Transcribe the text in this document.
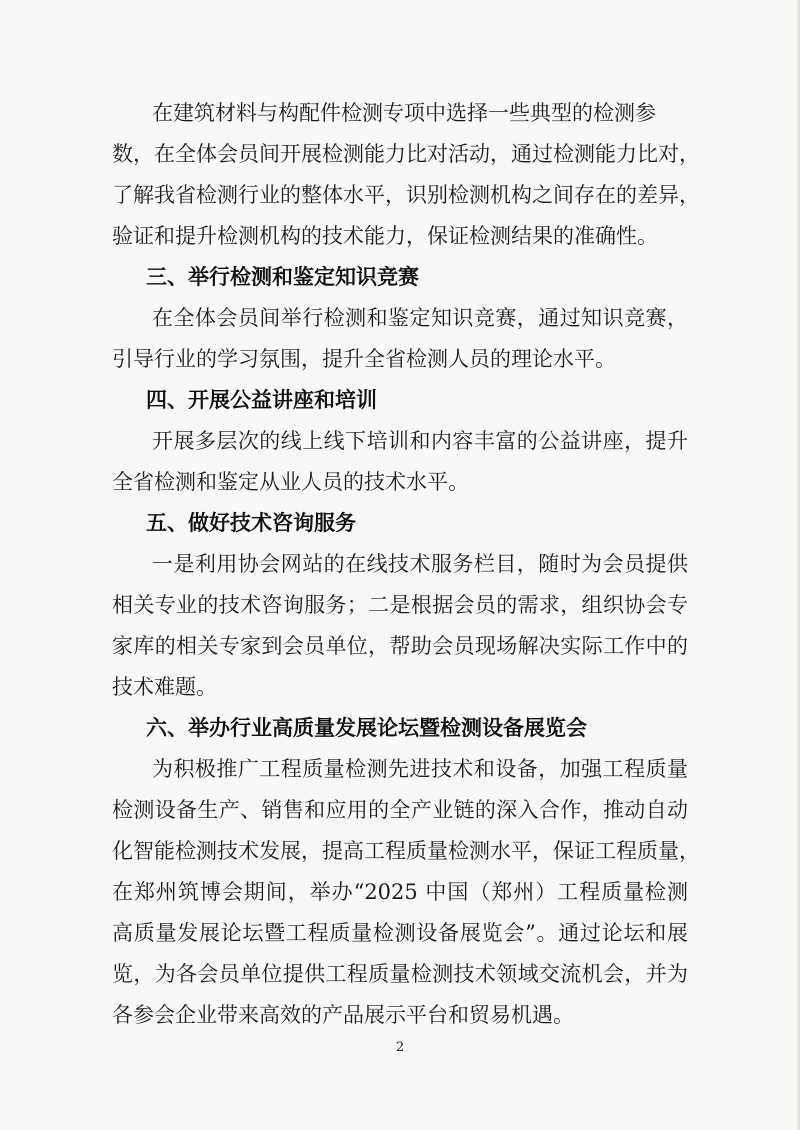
在建筑材料与构配件检测专项中选择一些典型的检测参
数，在全体会员间开展检测能力比对活动，通过检测能力比对，
了解我省检测行业的整体水平，识别检测机构之间存在的差异，
验证和提升检测机构的技术能力，保证检测结果的准确性。
三、举行检测和鉴定知识竞赛
在全体会员间举行检测和鉴定知识竞赛，通过知识竞赛，
引导行业的学习氛围，提升全省检测人员的理论水平。
四、开展公益讲座和培训
开展多层次的线上线下培训和内容丰富的公益讲座，提升
全省检测和鉴定从业人员的技术水平。
五、做好技术咨询服务
一是利用协会网站的在线技术服务栏目，随时为会员提供
相关专业的技术咨询服务；二是根据会员的需求，组织协会专
家库的相关专家到会员单位，帮助会员现场解决实际工作中的
技术难题。
六、举办行业高质量发展论坛暨检测设备展览会
为积极推广工程质量检测先进技术和设备，加强工程质量
检测设备生产、销售和应用的全产业链的深入合作，推动自动
化智能检测技术发展，提高工程质量检测水平，保证工程质量，
在郑州筑博会期间，举办“2025 中国（郑州）工程质量检测
高质量发展论坛暨工程质量检测设备展览会”。通过论坛和展
览，为各会员单位提供工程质量检测技术领域交流机会，并为
各参会企业带来高效的产品展示平台和贸易机遇。
2
